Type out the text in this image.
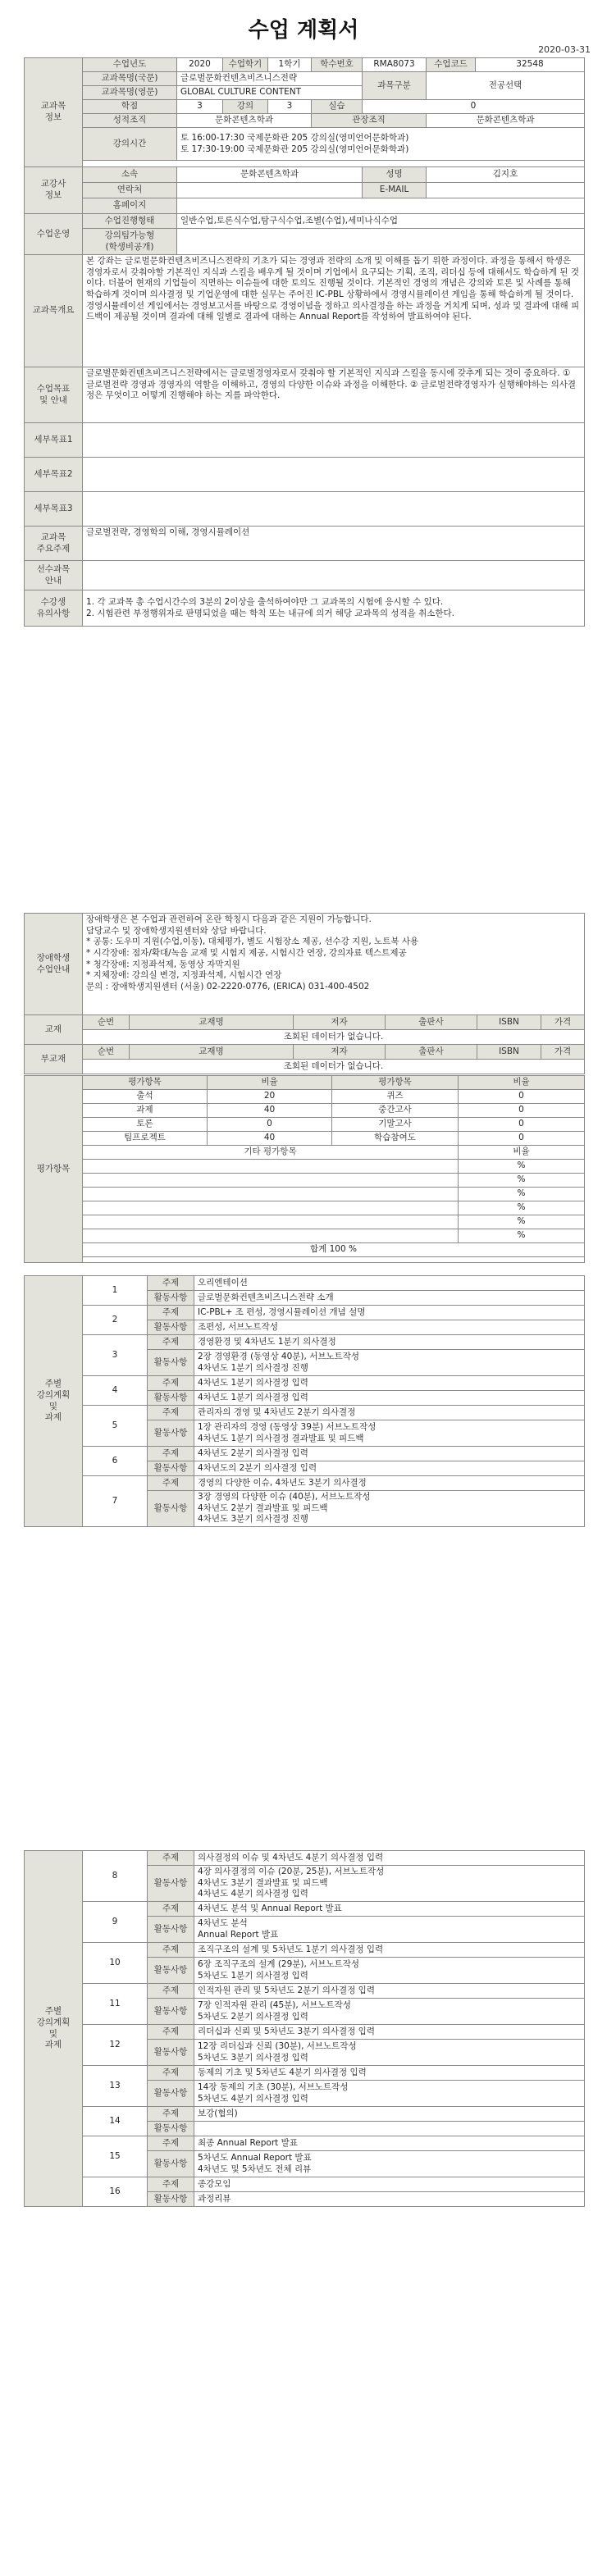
수업 계획서
2020-03-31
교과목
정보	수업년도	2020	수업학기	1학기	학수번호	RMA8073	수업코드	32548
	교과목명(국문)	글로벌문화컨텐츠비즈니스전략				과목구분	전공선택	
	교과목명(영문)	GLOBAL CULTURE CONTENT						
	학점	3	강의	3	실습	0		
	성적조직	문화콘텐츠학과			관장조직		문화콘텐츠학과	
	강의시간	토 16:00-17:30 국제문화관 205 강의실(영미언어문화학과)
토 17:30-19:00 국제문화관 205 강의실(영미언어문화학과)						

교강사
정보	소속	문화콘텐츠학과				성명	김지호	
	연락처					E-MAIL		
	홈페이지							
수업운영	수업진행형태	일반수업,토론식수업,탐구식수업,조별(수업),세미나식수업						
	강의팀가능형
(학생비공개)							
교과목개요	본 강좌는 글로벌문화컨텐츠비즈니스전략의 기초가 되는 경영과 전략의 소개 및 이해를 돕기 위한 과정이다. 과정을 통해서 학생은 경영자로서 갖춰야할 기본적인 지식과 스킬을 배우게 될 것이며 기업에서 요구되는 기획, 조직, 리더십 등에 대해서도 학습하게 된 것이다. 더불어 현재의 기업들이 직면하는 이슈들에 대한 토의도 진행될 것이다. 기본적인 경영의 개념은 강의와 토론 및 사례를 통해 학습하게 것이며 의사결정 및 기업운영에 대한 실무는 주어진 IC-PBL 상황하에서 경영시뮬레이션 게임을 통해 학습하게 될 것이다. 경영시뮬레이션 게임에서는 경영보고서를 바탕으로 경영이념을 정하고 의사결정을 하는 과정을 거치게 되며, 성과 및 결과에 대해 피드백이 제공될 것이며 결과에 대해 일별로 결과에 대하는 Annual Report를 작성하여 발표하여야 된다.							
수업목표
및 안내	글로벌문화컨텐츠비즈니스전략에서는 글로벌경영자로서 갖춰야 할 기본적인 지식과 스킬을 동시에 갖추게 되는 것이 중요하다. ① 글로벌전략 경영과 경영자의 역할을 이해하고, 경영의 다양한 이슈와 과정을 이해한다. ② 글로벌전략경영자가 실행해야하는 의사결정은 무엇이고 어떻게 진행해야 하는 지를 파악한다.							
세부목표1								
세부목표2								
세부목표3								
교과목
주요주제	글로벌전략, 경영학의 이해, 경영시뮬레이션							
선수과목
안내								
수강생
유의사항	1. 각 교과목 총 수업시간수의 3분의 2이상을 출석하여야만 그 교과목의 시험에 응시할 수 있다.
2. 시험관련 부정행위자로 판명되었을 때는 학칙 또는 내규에 의거 해당 교과목의 성적을 취소한다.							
장애학생
수업안내	장애학생은 본 수업과 관련하여 온란 학칭시 다음과 같은 지원이 가능합니다.
담당교수 및 장애학생지원센터와 상담 바랍니다.
* 공통: 도우미 지원(수업,이동), 대체평가, 별도 시험장소 제공, 선수강 지원, 노트북 사용
* 시각장애: 점자/확대/녹음 교재 및 시험지 제공, 시험시간 연장, 강의자료 텍스트제공
* 청각장애: 지정좌석제, 동영상 자막지원
* 지체장애: 강의실 변경, 지정좌석제, 시험시간 연장
문의 : 장애학생지원센터 (서울) 02-2220-0776, (ERICA) 031-400-4502
교재	순번	교재명	저자	출판사	ISBN	가격
	조회된 데이터가 없습니다.					
부교재	순번	교재명	저자	출판사	ISBN	가격
	조회된 데이터가 없습니다.					
평가항목	평가항목	비율	평가항목	비율
	출석	20	퀴즈	0
	과제	40	중간고사	0
	토론	0	기말고사	0
	팀프로젝트	40	학습참여도	0
	기타 평가항목			비율
				%
				%
				%
				%
				%
				%
	합계 100 %			

주별
강의계획
및
과제	1	주제	오리엔테이션
		활동사항	글로벌문화컨텐츠비즈니스전략 소개
	2	주제	IC-PBL+ 조 편성, 경영시뮬레이션 개념 설명
		활동사항	조편성, 서브노트작성
	3	주제	경영환경 및 4차년도 1분기 의사결정
		활동사항	2장 경영환경 (동영상 40분), 서브노트작성
4차년도 1분기 의사결정 진행
	4	주제	4차년도 1분기 의사결정 입력
		활동사항	4차년도 1분기 의사결정 입력
	5	주제	관리자의 경영 및 4차년도 2분기 의사결정
		활동사항	1장 관리자의 경영 (동영상 39분) 서브노트작성
4차년도 1분기 의사결정 결과발표 및 피드백
	6	주제	4차년도 2분기 의사결정 입력
		활동사항	4차년도의 2분기 의사결정 입력
	7	주제	경영의 다양한 이슈, 4차년도 3분기 의사결정
		활동사항	3장 경영의 다양한 이슈 (40분), 서브노트작성
4차년도 2분기 결과발표 및 피드백
4차년도 3분기 의사결정 진행
주별
강의계획
및
과제	8	주제	의사결정의 이슈 및 4차년도 4분기 의사결정 입력
		활동사항	4장 의사결정의 이슈 (20분, 25분), 서브노트작성
4차년도 3분기 결과발표 및 피드백
4차년도 4분기 의사결정 입력
	9	주제	4차년도 분석 및 Annual Report 발표
		활동사항	4차년도 분석
Annual Report 발표
	10	주제	조직구조의 설계 및 5차년도 1분기 의사결정 입력
		활동사항	6장 조직구조의 설계 (29분), 서브노트작성
5차년도 1분기 의사결정 입력
	11	주제	인적자원 관리 및 5차년도 2분기 의사결정 입력
		활동사항	7장 인적자원 관리 (45분), 서브노트작성
5차년도 2분기 의사결정 입력
	12	주제	리더십과 신뢰 및 5차년도 3분기 의사결정 입력
		활동사항	12장 리더십과 신뢰 (30분), 서브노트작성
5차년도 3분기 의사결정 입력
	13	주제	동제의 기초 및 5차년도 4분기 의사결정 입력
		활동사항	14장 동제의 기초 (30분), 서브노트작성
5차년도 4분기 의사결정 입력
	14	주제	보강(협의)
		활동사항	
	15	주제	최종 Annual Report 발표
		활동사항	5차년도 Annual Report 발표
4차년도 및 5차년도 전체 리뷰
	16	주제	종강모임
		활동사항	과정리뷰
